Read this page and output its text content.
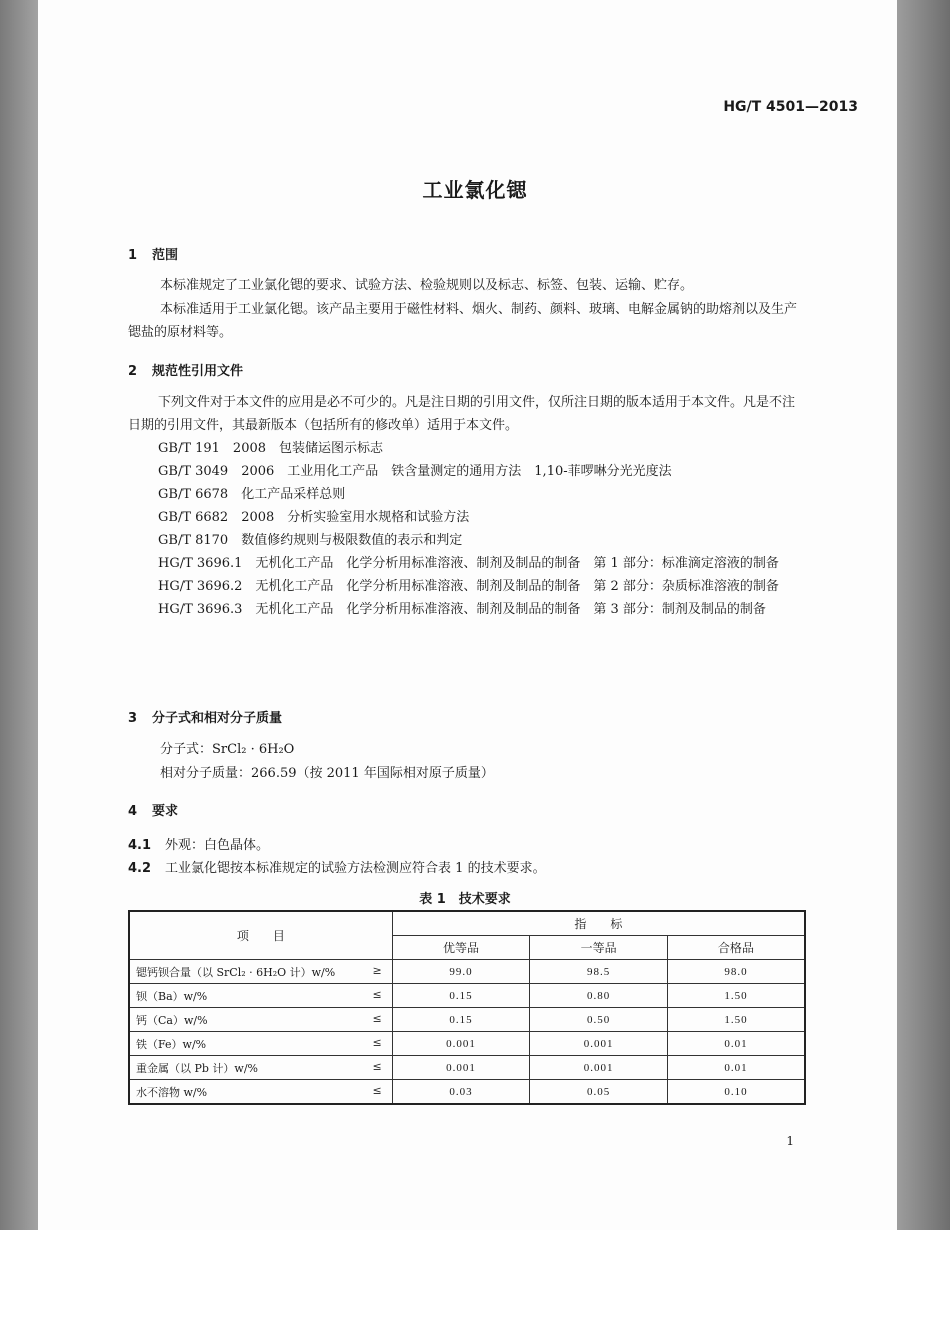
HG/T 4501—2013
工业氯化锶
1 范围
本标准规定了工业氯化锶的要求、试验方法、检验规则以及标志、标签、包装、运输、贮存。
本标准适用于工业氯化锶。该产品主要用于磁性材料、烟火、制药、颜料、玻璃、电解金属钠的助熔剂以及生产锶盐的原材料等。
2 规范性引用文件
下列文件对于本文件的应用是必不可少的。凡是注日期的引用文件，仅所注日期的版本适用于本文件。凡是不注日期的引用文件，其最新版本（包括所有的修改单）适用于本文件。
GB/T 191　2008　包装储运图示标志
GB/T 3049　2006　工业用化工产品　铁含量测定的通用方法　1,10-菲啰啉分光光度法
GB/T 6678　化工产品采样总则
GB/T 6682　2008　分析实验室用水规格和试验方法
GB/T 8170　数值修约规则与极限数值的表示和判定
HG/T 3696.1　无机化工产品　化学分析用标准溶液、制剂及制品的制备　第 1 部分：标准滴定溶液的制备
HG/T 3696.2　无机化工产品　化学分析用标准溶液、制剂及制品的制备　第 2 部分：杂质标准溶液的制备
HG/T 3696.3　无机化工产品　化学分析用标准溶液、制剂及制品的制备　第 3 部分：制剂及制品的制备
3 分子式和相对分子质量
分子式：SrCl₂ · 6H₂O
相对分子质量：266.59（按 2011 年国际相对原子质量）
4 要求
4.1 外观：白色晶体。
4.2 工业氯化锶按本标准规定的试验方法检测应符合表 1 的技术要求。
表 1　技术要求
项　　目	指　　标		
	优等品	一等品	合格品
锶钙钡合量（以 SrCl₂ · 6H₂O 计）w/% ≥	99.0	98.5	98.0
钡（Ba）w/% ≤	0.15	0.80	1.50
钙（Ca）w/% ≤	0.15	0.50	1.50
铁（Fe）w/% ≤	0.001	0.001	0.01
重金属（以 Pb 计）w/% ≤	0.001	0.001	0.01
水不溶物 w/% ≤	0.03	0.05	0.10
1
